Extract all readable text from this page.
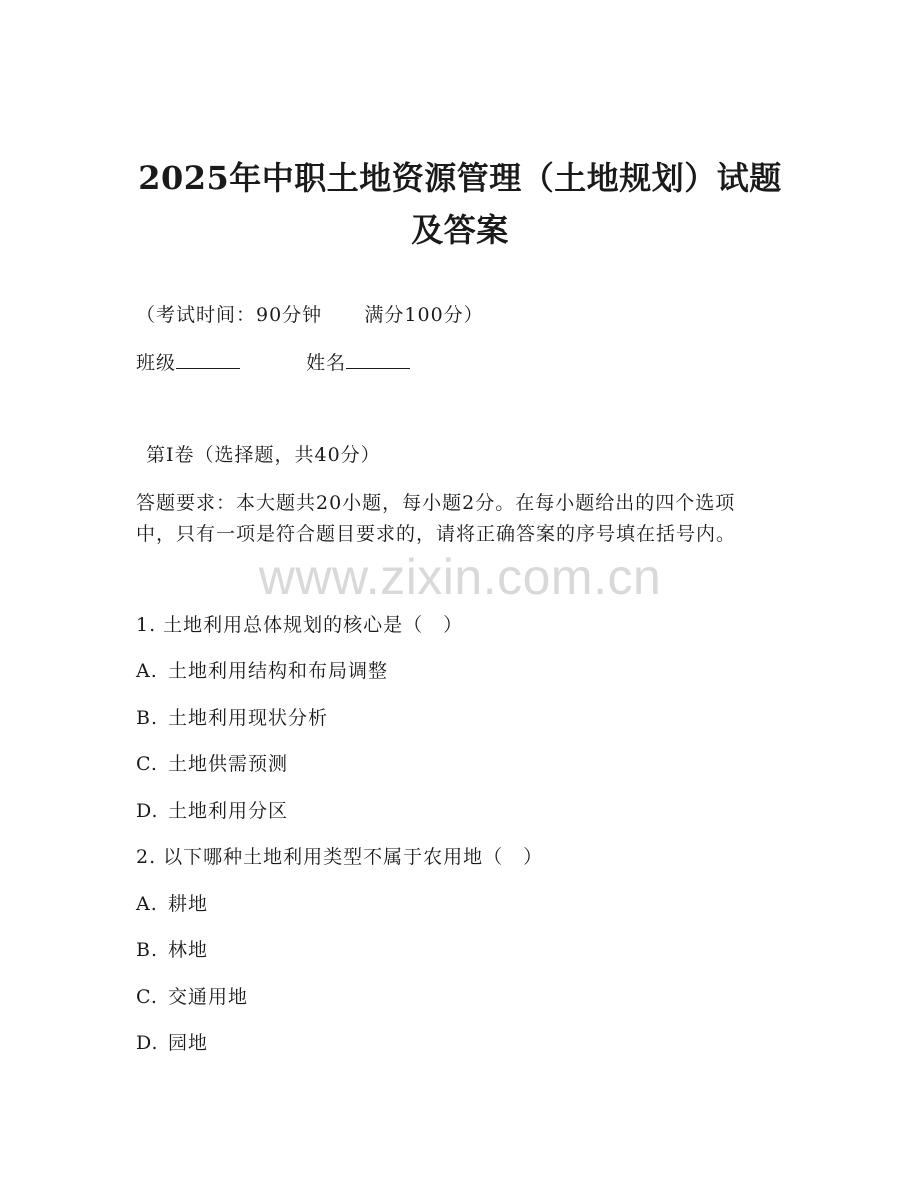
2025年中职土地资源管理（土地规划）试题
及答案
（考试时间：90分钟      满分100分）
班级	姓名
第I卷（选择题，共40分）
答题要求：本大题共20小题，每小题2分。在每小题给出的四个选项
中，只有一项是符合题目要求的，请将正确答案的序号填在括号内。
www.zixin.com.cn
1. 土地利用总体规划的核心是（　）
A. 土地利用结构和布局调整
B. 土地利用现状分析
C. 土地供需预测
D. 土地利用分区
2. 以下哪种土地利用类型不属于农用地（　）
A. 耕地
B. 林地
C. 交通用地
D. 园地
